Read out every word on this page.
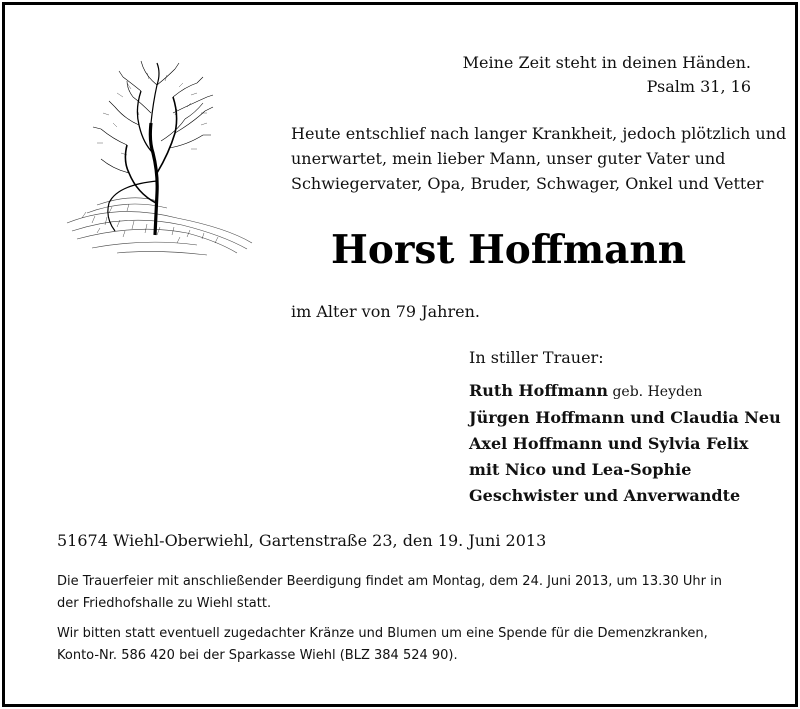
Meine Zeit steht in deinen Händen.
Psalm 31, 16
Heute entschlief nach langer Krankheit, jedoch plötzlich und
unerwartet, mein lieber Mann, unser guter Vater und
Schwiegervater, Opa, Bruder, Schwager, Onkel und Vetter
Horst Hoffmann
im Alter von 79 Jahren.
In stiller Trauer:
Ruth Hoffmann geb. Heyden
Jürgen Hoffmann und Claudia Neu
Axel Hoffmann und Sylvia Felix
mit Nico und Lea-Sophie
Geschwister und Anverwandte
51674 Wiehl-Oberwiehl, Gartenstraße 23, den 19. Juni 2013
Die Trauerfeier mit anschließender Beerdigung findet am Montag, dem 24. Juni 2013, um 13.30 Uhr in
der Friedhofshalle zu Wiehl statt.
Wir bitten statt eventuell zugedachter Kränze und Blumen um eine Spende für die Demenzkranken,
Konto-Nr. 586 420 bei der Sparkasse Wiehl (BLZ 384 524 90).
